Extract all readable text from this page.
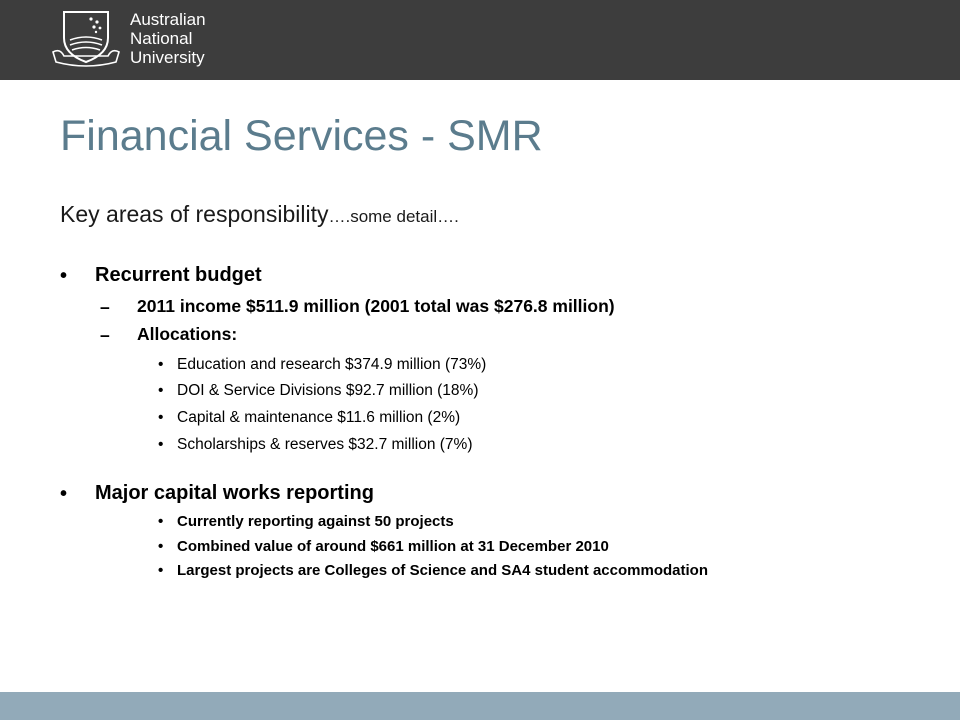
Australian
National
University
Financial Services - SMR
Key areas of responsibility….some detail….
• Recurrent budget
– 2011 income $511.9 million (2001 total was $276.8 million)
– Allocations:
• Education and research $374.9 million (73%)
• DOI & Service Divisions $92.7 million (18%)
• Capital & maintenance $11.6 million (2%)
• Scholarships & reserves $32.7 million (7%)
• Major capital works reporting
• Currently reporting against 50 projects
• Combined value of around $661 million at 31 December 2010
• Largest projects are Colleges of Science and SA4 student accommodation
